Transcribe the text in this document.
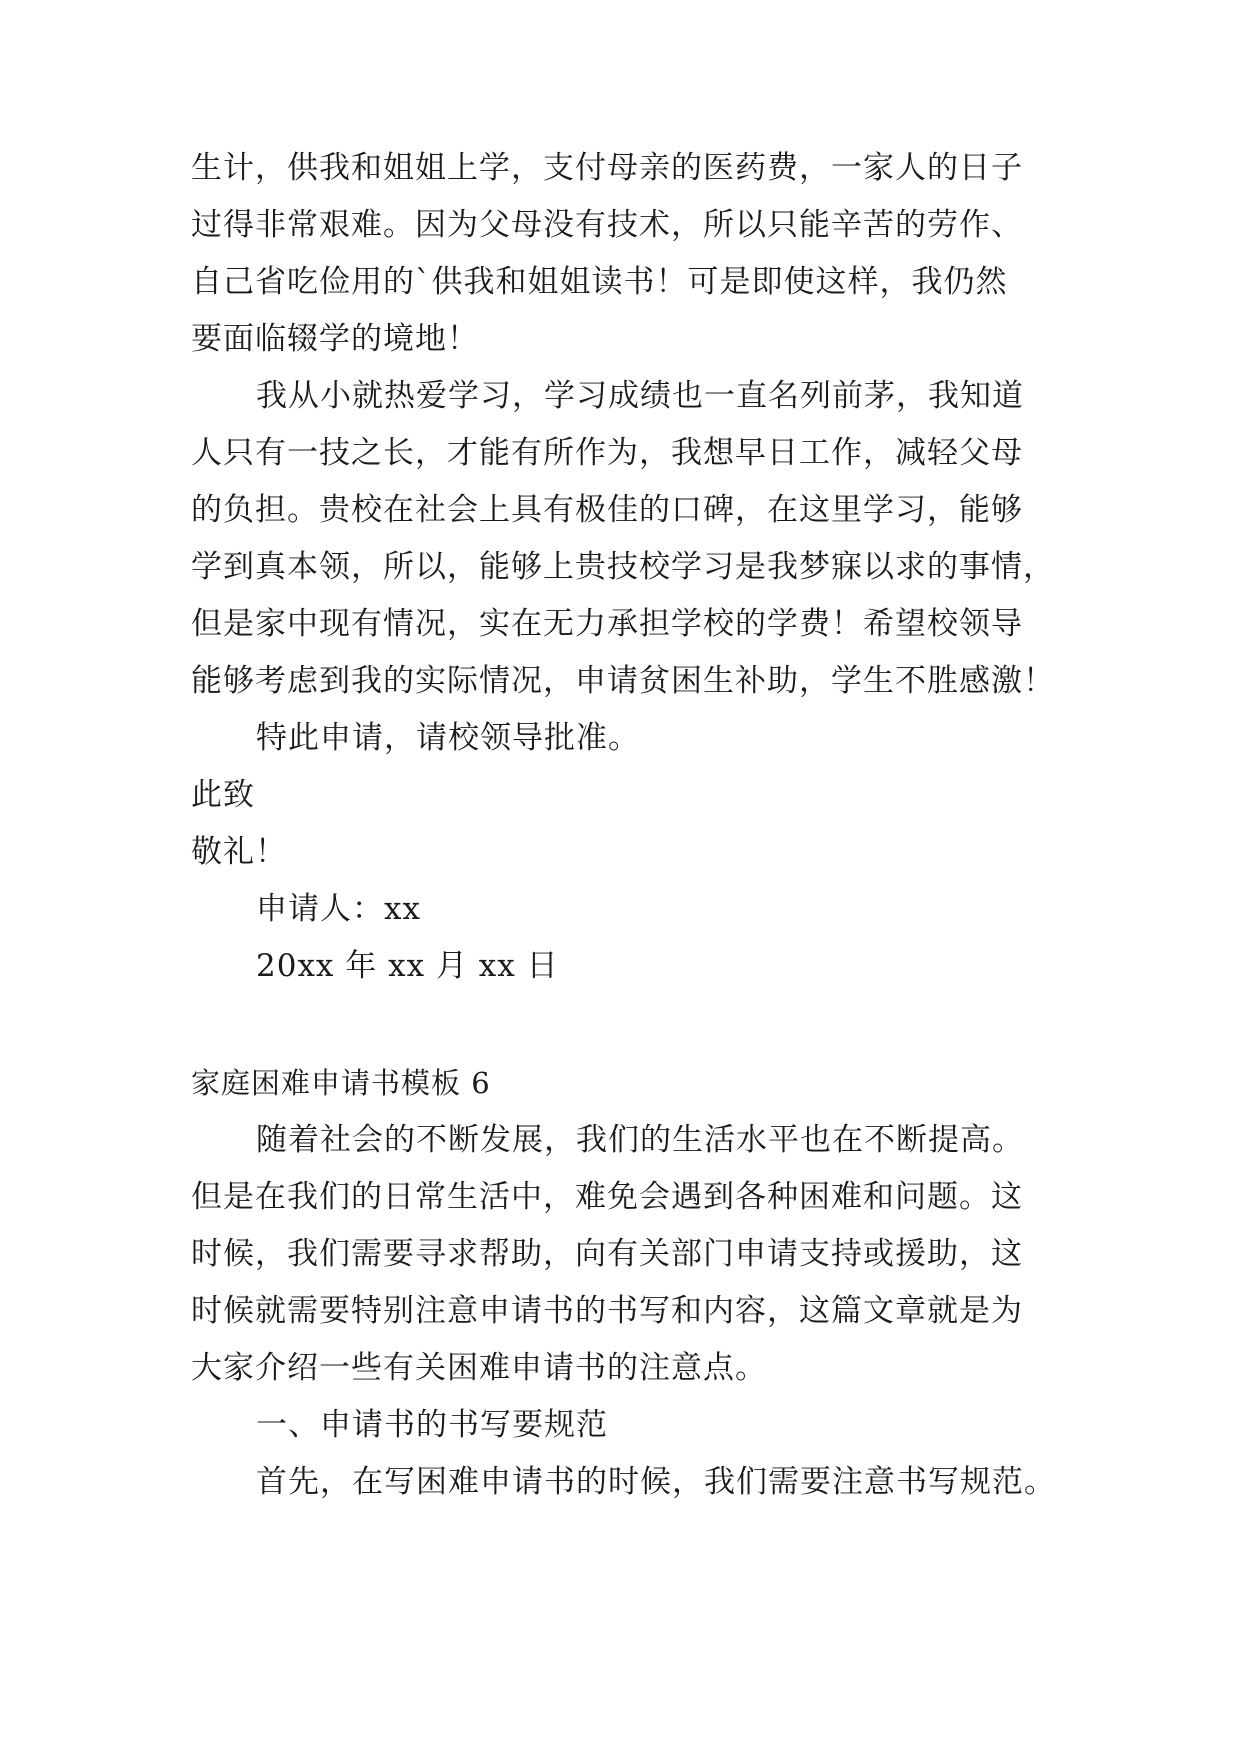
生计，供我和姐姐上学，支付母亲的医药费，一家人的日子
过得非常艰难。因为父母没有技术，所以只能辛苦的劳作、
自己省吃俭用的`供我和姐姐读书！可是即使这样，我仍然
要面临辍学的境地！
我从小就热爱学习，学习成绩也一直名列前茅，我知道
人只有一技之长，才能有所作为，我想早日工作，减轻父母
的负担。贵校在社会上具有极佳的口碑，在这里学习，能够
学到真本领，所以，能够上贵技校学习是我梦寐以求的事情，
但是家中现有情况，实在无力承担学校的学费！希望校领导
能够考虑到我的实际情况，申请贫困生补助，学生不胜感激！
特此申请，请校领导批准。
此致
敬礼！
申请人：xx
20xx 年 xx 月 xx 日
家庭困难申请书模板 6
随着社会的不断发展，我们的生活水平也在不断提高。
但是在我们的日常生活中，难免会遇到各种困难和问题。这
时候，我们需要寻求帮助，向有关部门申请支持或援助，这
时候就需要特别注意申请书的书写和内容，这篇文章就是为
大家介绍一些有关困难申请书的注意点。
一、申请书的书写要规范
首先，在写困难申请书的时候，我们需要注意书写规范。
